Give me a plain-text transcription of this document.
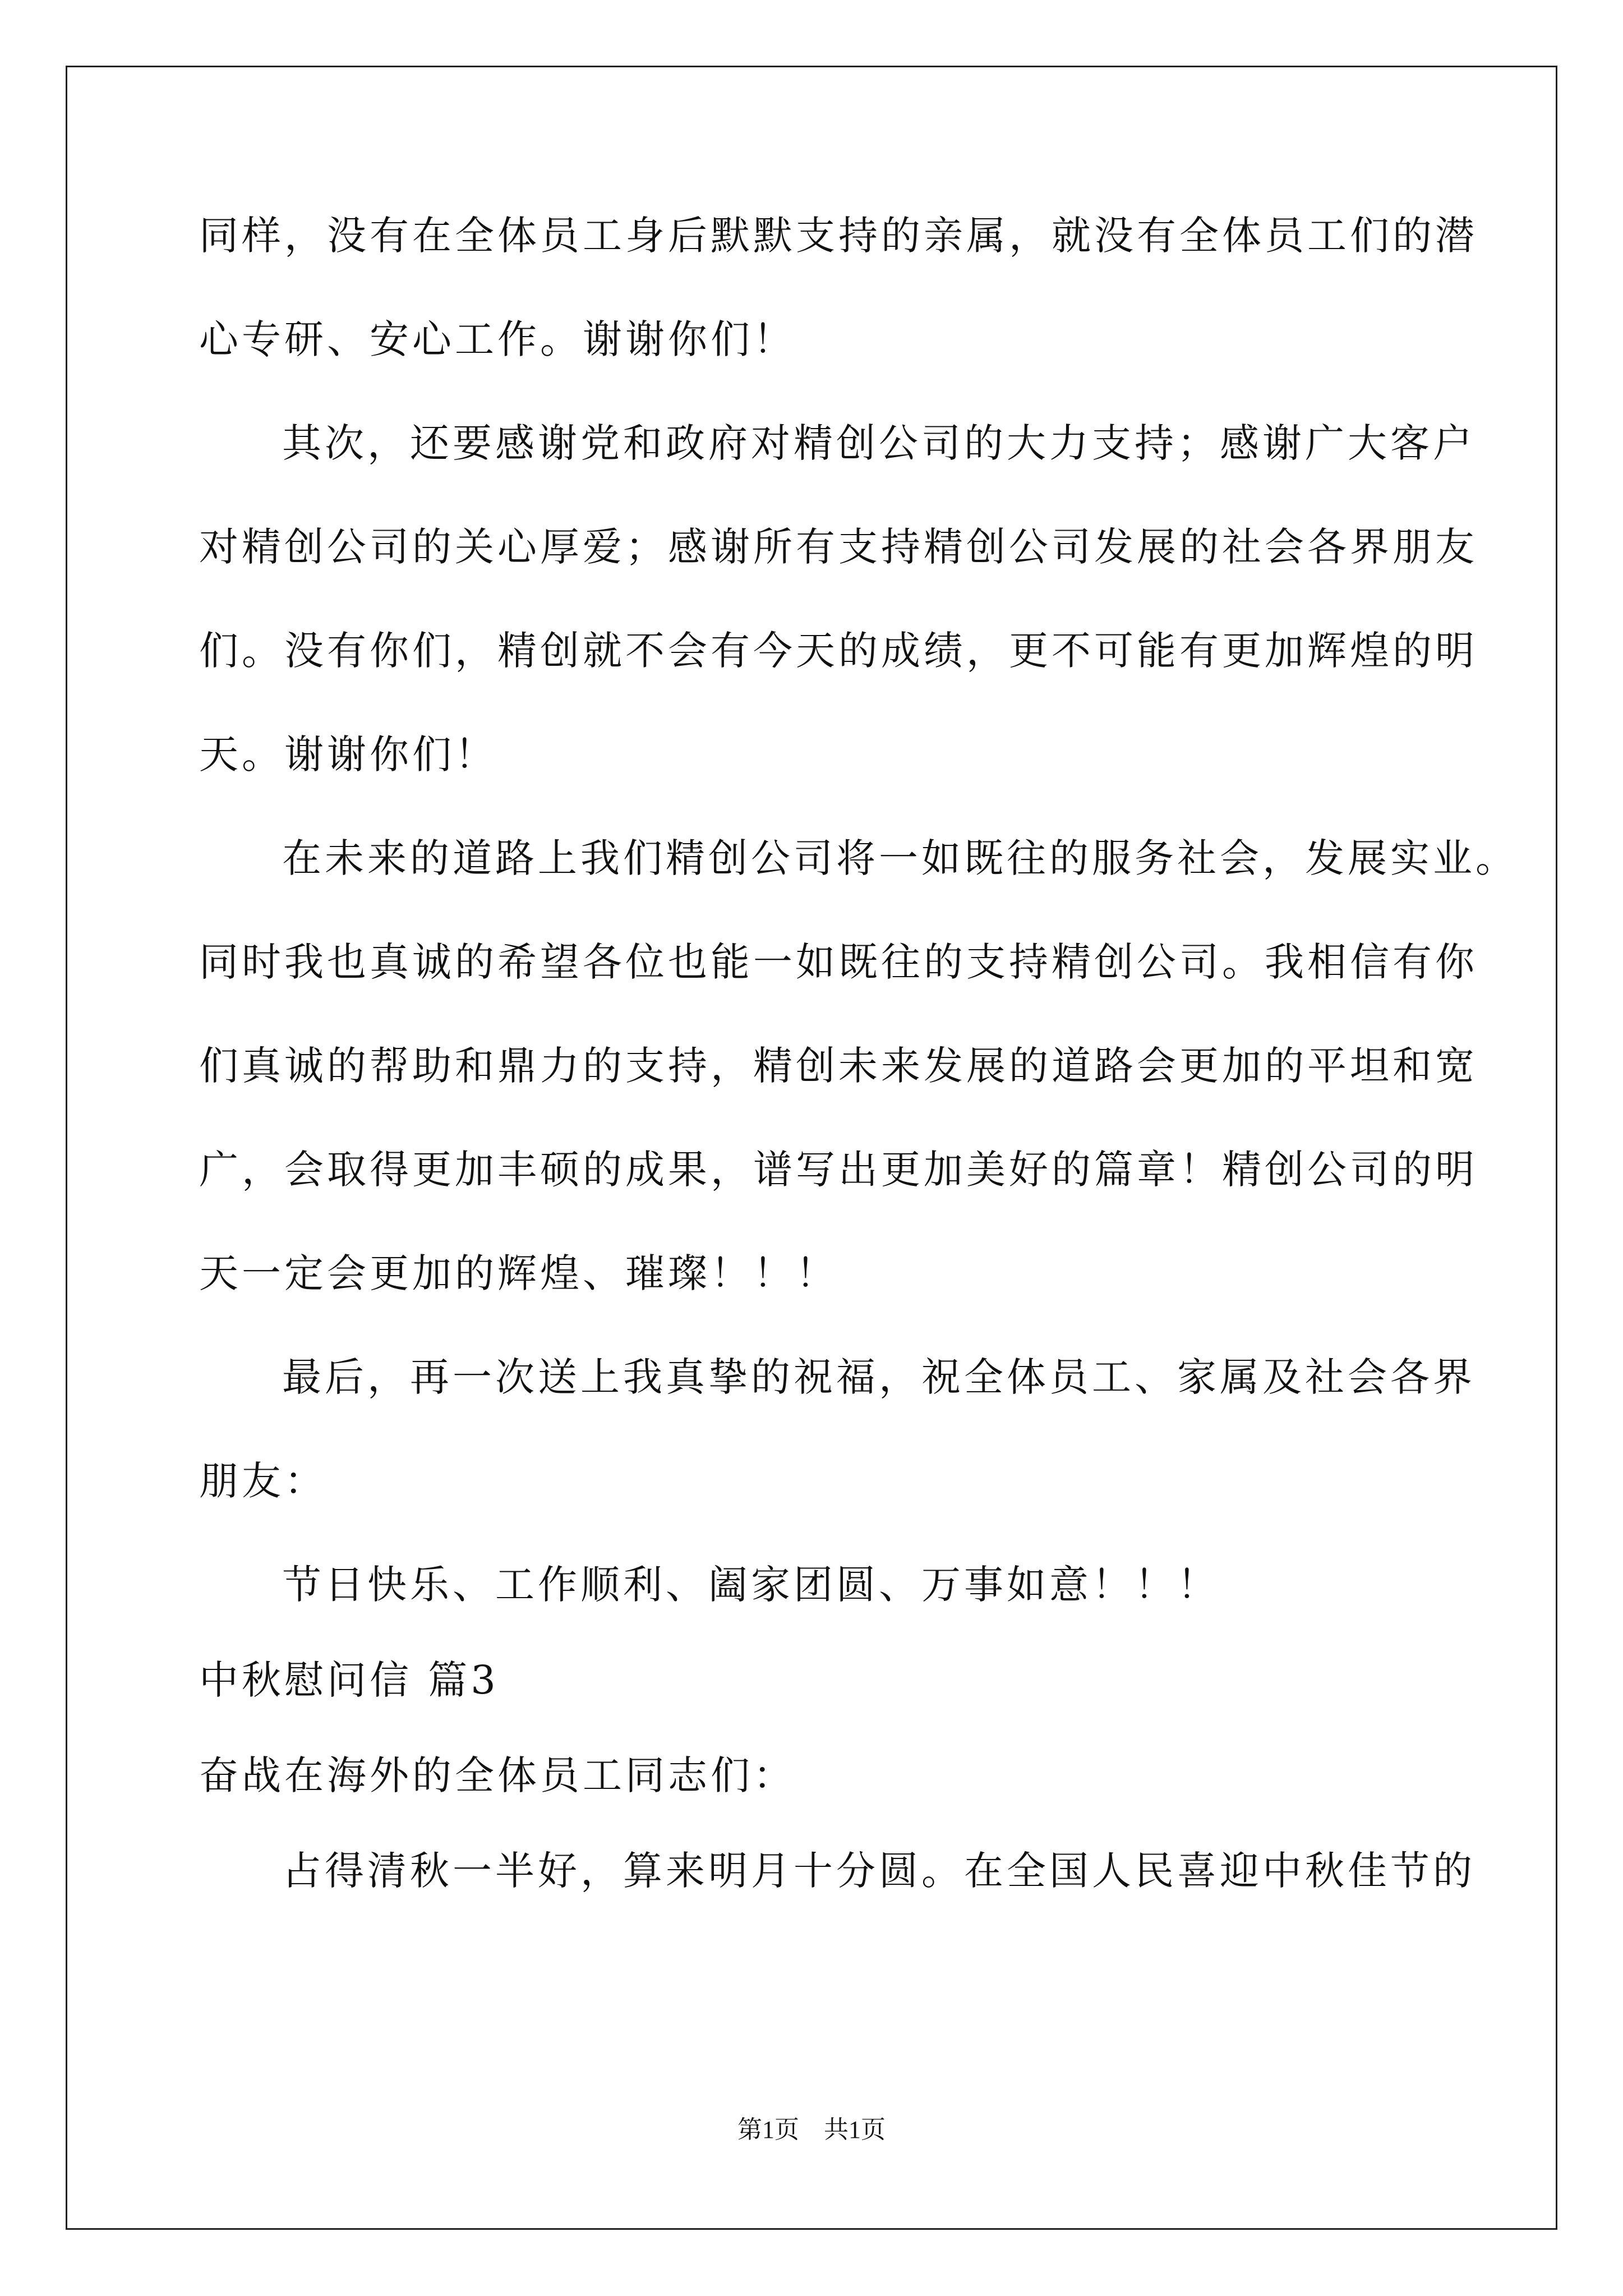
同样，没有在全体员工身后默默支持的亲属，就没有全体员工们的潜
心专研、安心工作。谢谢你们！
其次，还要感谢党和政府对精创公司的大力支持；感谢广大客户
对精创公司的关心厚爱；感谢所有支持精创公司发展的社会各界朋友
们。没有你们，精创就不会有今天的成绩，更不可能有更加辉煌的明
天。谢谢你们！
在未来的道路上我们精创公司将一如既往的服务社会，发展实业。
同时我也真诚的希望各位也能一如既往的支持精创公司。我相信有你
们真诚的帮助和鼎力的支持，精创未来发展的道路会更加的平坦和宽
广，会取得更加丰硕的成果，谱写出更加美好的篇章！精创公司的明
天一定会更加的辉煌、璀璨！！！
最后，再一次送上我真挚的祝福，祝全体员工、家属及社会各界
朋友：
节日快乐、工作顺利、阖家团圆、万事如意！！！
中秋慰问信 篇3
奋战在海外的全体员工同志们：
占得清秋一半好，算来明月十分圆。在全国人民喜迎中秋佳节的
第1页　共1页
